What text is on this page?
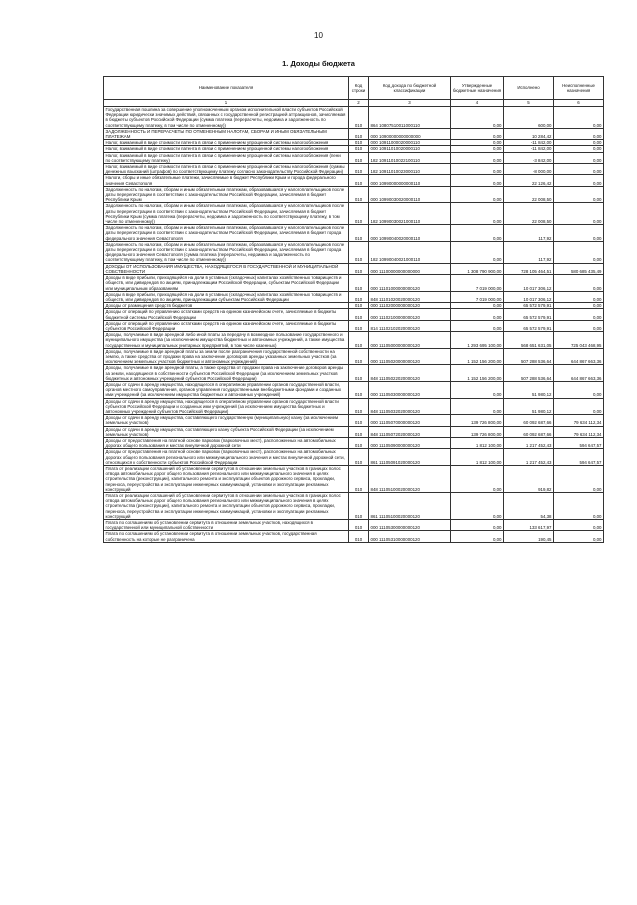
10
1. Доходы бюджета
Наименование показателя	Код строки	Код дохода по бюджетной классификации	Утвержденные бюджетные назначения	Исполнено	Неисполненные назначения
1	2	3	4	5	6
Государственная пошлина за совершение уполномоченным органом исполнительной власти субъектов Российской Федерации юридически значимых действий, связанных с государственной регистрацией аттракционов, зачисляемая в бюджеты субъектов Российской Федерации (сумма платежа (перерасчеты, недоимка и задолженность по соответствующему платежу, в том числе по отмененному))	010	864 10807510011000110	0,00	600,00	0,00
ЗАДОЛЖЕННОСТЬ И ПЕРЕРАСЧЕТЫ ПО ОТМЕНЕННЫМ НАЛОГАМ, СБОРАМ И ИНЫМ ОБЯЗАТЕЛЬНЫМ ПЛАТЕЖАМ	010	000 10900000000000000	0,00	10 284,42	0,00
Налог, взимаемый в виде стоимости патента в связи с применением упрощенной системы налогообложения	010	000 10911000020000110	0,00	-11 842,00	0,00
Налог, взимаемый в виде стоимости патента в связи с применением упрощенной системы налогообложения	010	000 10911010020000110	0,00	-11 842,00	0,00
Налог, взимаемый в виде стоимости патента в связи с применением упрощенной системы налогообложения (пени по соответствующему платежу)	010	182 10911010022100110	0,00	-3 842,00	0,00
Налог, взимаемый в виде стоимости патента в связи с применением упрощенной системы налогообложения (суммы денежных взысканий (штрафов) по соответствующему платежу согласно законодательству Российской Федерации)	010	182 10911010023000110	0,00	-8 000,00	0,00
Налоги, сборы и иные обязательные платежи, зачисляемые в бюджет Республики Крым и города федерального значения Севастополя	010	000 10990000000000110	0,00	22 126,42	0,00
Задолженность по налогам, сборам и иным обязательным платежам, образовавшаяся у налогоплательщиков после даты перерегистрации в соответствии с законодательством Российской Федерации, зачисляемая в бюджет Республики Крым	010	000 10990030020000110	0,00	22 008,50	0,00
Задолженность по налогам, сборам и иным обязательным платежам, образовавшаяся у налогоплательщиков после даты перерегистрации в соответствии с законодательством Российской Федерации, зачисляемая в бюджет Республики Крым (сумма платежа (перерасчеты, недоимка и задолженность по соответствующему платежу, в том числе по отмененному))	010	182 10990030021000110	0,00	22 008,50	0,00
Задолженность по налогам, сборам и иным обязательным платежам, образовавшаяся у налогоплательщиков после даты перерегистрации в соответствии с законодательством Российской Федерации, зачисляемая в бюджет города федерального значения Севастополя	010	000 10990040020000110	0,00	117,92	0,00
Задолженность по налогам, сборам и иным обязательным платежам, образовавшаяся у налогоплательщиков после даты перерегистрации в соответствии с законодательством Российской Федерации, зачисляемая в бюджет города федерального значения Севастополя (сумма платежа (перерасчеты, недоимка и задолженность по соответствующему платежу, в том числе по отмененному))	010	182 10990040021000110	0,00	117,92	0,00
ДОХОДЫ ОТ ИСПОЛЬЗОВАНИЯ ИМУЩЕСТВА, НАХОДЯЩЕГОСЯ В ГОСУДАРСТВЕННОЙ И МУНИЦИПАЛЬНОЙ СОБСТВЕННОСТИ	010	000 11100000000000000	1 308 790 900,00	728 105 464,51	580 685 435,49
Доходы в виде прибыли, приходящейся на доли в уставных (складочных) капиталах хозяйственных товариществ и обществ, или дивидендов по акциям, принадлежащим Российской Федерации, субъектам Российской Федерации или муниципальным образованиям	010	000 11101000000000120	7 019 000,00	10 017 306,12	0,00
Доходы в виде прибыли, приходящейся на доли в уставных (складочных) капиталах хозяйственных товариществ и обществ, или дивидендов по акциям, принадлежащим субъектам Российской Федерации	010	848 11101020020000120	7 019 000,00	10 017 306,12	0,00
Доходы от размещения средств бюджетов	010	000 11102000000000120	0,00	65 572 579,91	0,00
Доходы от операций по управлению остатками средств на едином казначейском счете, зачисляемые в бюджеты бюджетной системы Российской Федерации	010	000 11102100000000120	0,00	65 572 579,91	0,00
Доходы от операций по управлению остатками средств на едином казначейском счете, зачисляемые в бюджеты субъектов Российской Федерации	010	814 11102102020000120	0,00	65 572 579,91	0,00
Доходы, получаемые в виде арендной либо иной платы за передачу в возмездное пользование государственного и муниципального имущества (за исключением имущества бюджетных и автономных учреждений, а также имущества государственных и муниципальных унитарных предприятий, в том числе казенных)	010	000 11105000000000120	1 293 695 100,00	568 651 631,05	725 043 468,95
Доходы, получаемые в виде арендной платы за земли после разграничения государственной собственности на землю, а также средства от продажи права на заключение договоров аренды указанных земельных участков (за исключением земельных участков бюджетных и автономных учреждений)	010	000 11105020000000120	1 152 156 200,00	507 288 536,64	644 867 663,36
Доходы, получаемые в виде арендной платы, а также средства от продажи права на заключение договоров аренды за земли, находящиеся в собственности субъектов Российской Федерации (за исключением земельных участков бюджетных и автономных учреждений субъектов Российской Федерации)	010	848 11105022020000120	1 152 156 200,00	507 288 536,64	644 867 663,36
Доходы от сдачи в аренду имущества, находящегося в оперативном управлении органов государственной власти, органов местного самоуправления, органов управления государственными внебюджетными фондами и созданных ими учреждений (за исключением имущества бюджетных и автономных учреждений)	010	000 11105030000000120	0,00	51 980,12	0,00
Доходы от сдачи в аренду имущества, находящегося в оперативном управлении органов государственной власти субъектов Российской Федерации и созданных ими учреждений (за исключением имущества бюджетных и автономных учреждений субъектов Российской Федерации)	010	848 11105032020000120	0,00	51 980,12	0,00
Доходы от сдачи в аренду имущества, составляющего государственную (муниципальную) казну (за исключением земельных участков)	010	000 11105070000000120	139 726 800,00	60 092 687,66	79 634 112,34
Доходы от сдачи в аренду имущества, составляющего казну субъекта Российской Федерации (за исключением земельных участков)	010	848 11105072020000120	139 726 800,00	60 092 687,66	79 634 112,34
Доходы от предоставления на платной основе парковок (парковочных мест), расположенных на автомобильных дорогах общего пользования и местах внеуличной дорожной сети	010	000 11105090000000120	1 812 100,00	1 217 452,43	594 647,57
Доходы от предоставления на платной основе парковок (парковочных мест), расположенных на автомобильных дорогах общего пользования регионального или межмуниципального значения и местах внеуличной дорожной сети, относящихся к собственности субъектов Российской Федерации	010	861 11105091020000120	1 812 100,00	1 217 452,43	594 647,57
Плата от реализации соглашений об установлении сервитутов в отношении земельных участков в границах полос отвода автомобильных дорог общего пользования регионального или межмуниципального значения в целях строительства (реконструкции), капитального ремонта и эксплуатации объектов дорожного сервиса, прокладки, переноса, переустройства и эксплуатации инженерных коммуникаций, установки и эксплуатации рекламных конструкций	010	848 11105100020000120	0,00	919,82	0,00
Плата от реализации соглашений об установлении сервитутов в отношении земельных участков в границах полос отвода автомобильных дорог общего пользования регионального или межмуниципального значения в целях строительства (реконструкции), капитального ремонта и эксплуатации объектов дорожного сервиса, прокладки, переноса, переустройства и эксплуатации инженерных коммуникаций, установки и эксплуатации рекламных конструкций	010	861 11105100020000120	0,00	54,38	0,00
Плата по соглашениям об установлении сервитута в отношении земельных участков, находящихся в государственной или муниципальной собственности	010	000 11105300000000120	0,00	133 617,97	0,00
Плата по соглашениям об установлении сервитута в отношении земельных участков, государственная собственность на которые не разграничена	010	000 11105310000000120	0,00	190,45	0,00
